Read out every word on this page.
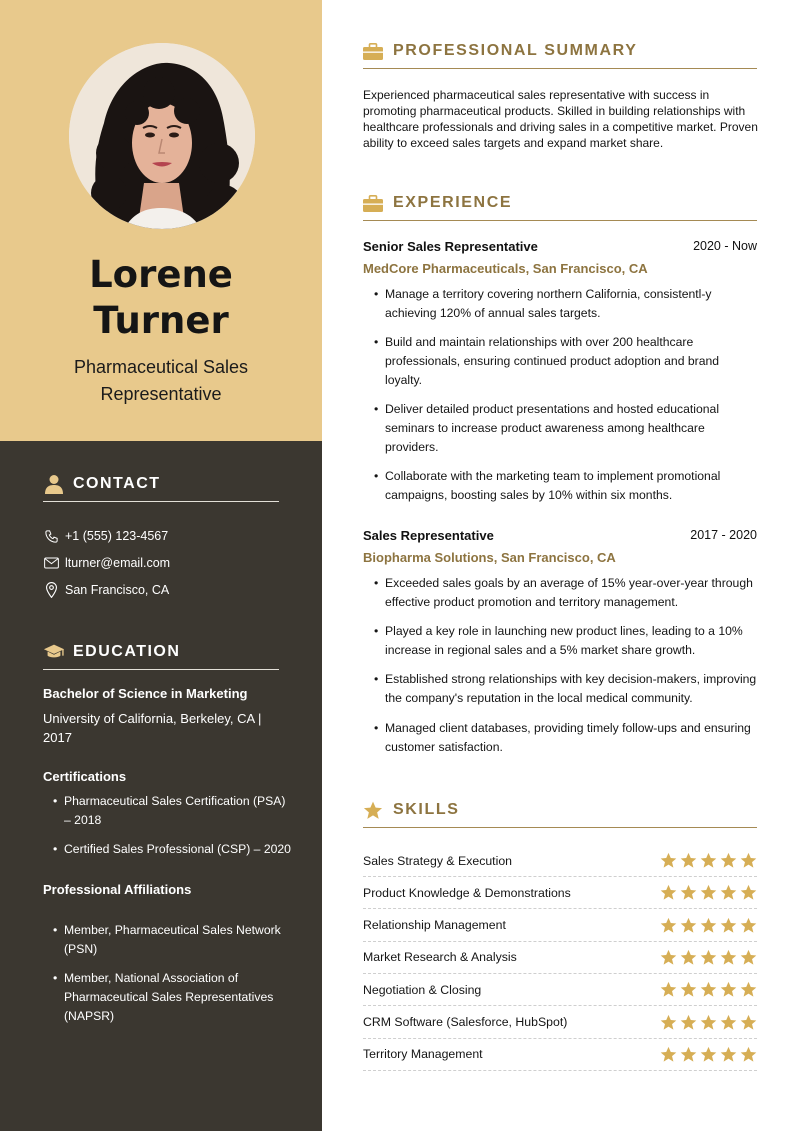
Lorene
Turner
Pharmaceutical Sales
Representative
CONTACT
+1 (555) 123-4567
lturner@email.com
San Francisco, CA
EDUCATION
Bachelor of Science in Marketing
University of California, Berkeley, CA |
2017
Certifications
• Pharmaceutical Sales Certification (PSA) – 2018
• Certified Sales Professional (CSP) – 2020
Professional Affiliations
• Member, Pharmaceutical Sales Network (PSN)
• Member, National Association of Pharmaceutical Sales Representatives (NAPSR)
PROFESSIONAL SUMMARY
Experienced pharmaceutical sales representative with success in promoting pharmaceutical products. Skilled in building relationships with healthcare professionals and driving sales in a competitive market. Proven ability to exceed sales targets and expand market share.
EXPERIENCE
Senior Sales Representative	2020 - Now
MedCore Pharmaceuticals, San Francisco, CA
• Manage a territory covering northern California, consistentl-y achieving 120% of annual sales targets.
• Build and maintain relationships with over 200 healthcare professionals, ensuring continued product adoption and brand loyalty.
• Deliver detailed product presentations and hosted educational seminars to increase product awareness among healthcare providers.
• Collaborate with the marketing team to implement promotional campaigns, boosting sales by 10% within six months.
Sales Representative	2017 - 2020
Biopharma Solutions, San Francisco, CA
• Exceeded sales goals by an average of 15% year-over-year through effective product promotion and territory management.
• Played a key role in launching new product lines, leading to a 10% increase in regional sales and a 5% market share growth.
• Established strong relationships with key decision-makers, improving the company's reputation in the local medical community.
• Managed client databases, providing timely follow-ups and ensuring customer satisfaction.
SKILLS
Sales Strategy & Execution
Product Knowledge & Demonstrations
Relationship Management
Market Research & Analysis
Negotiation & Closing
CRM Software (Salesforce, HubSpot)
Territory Management
